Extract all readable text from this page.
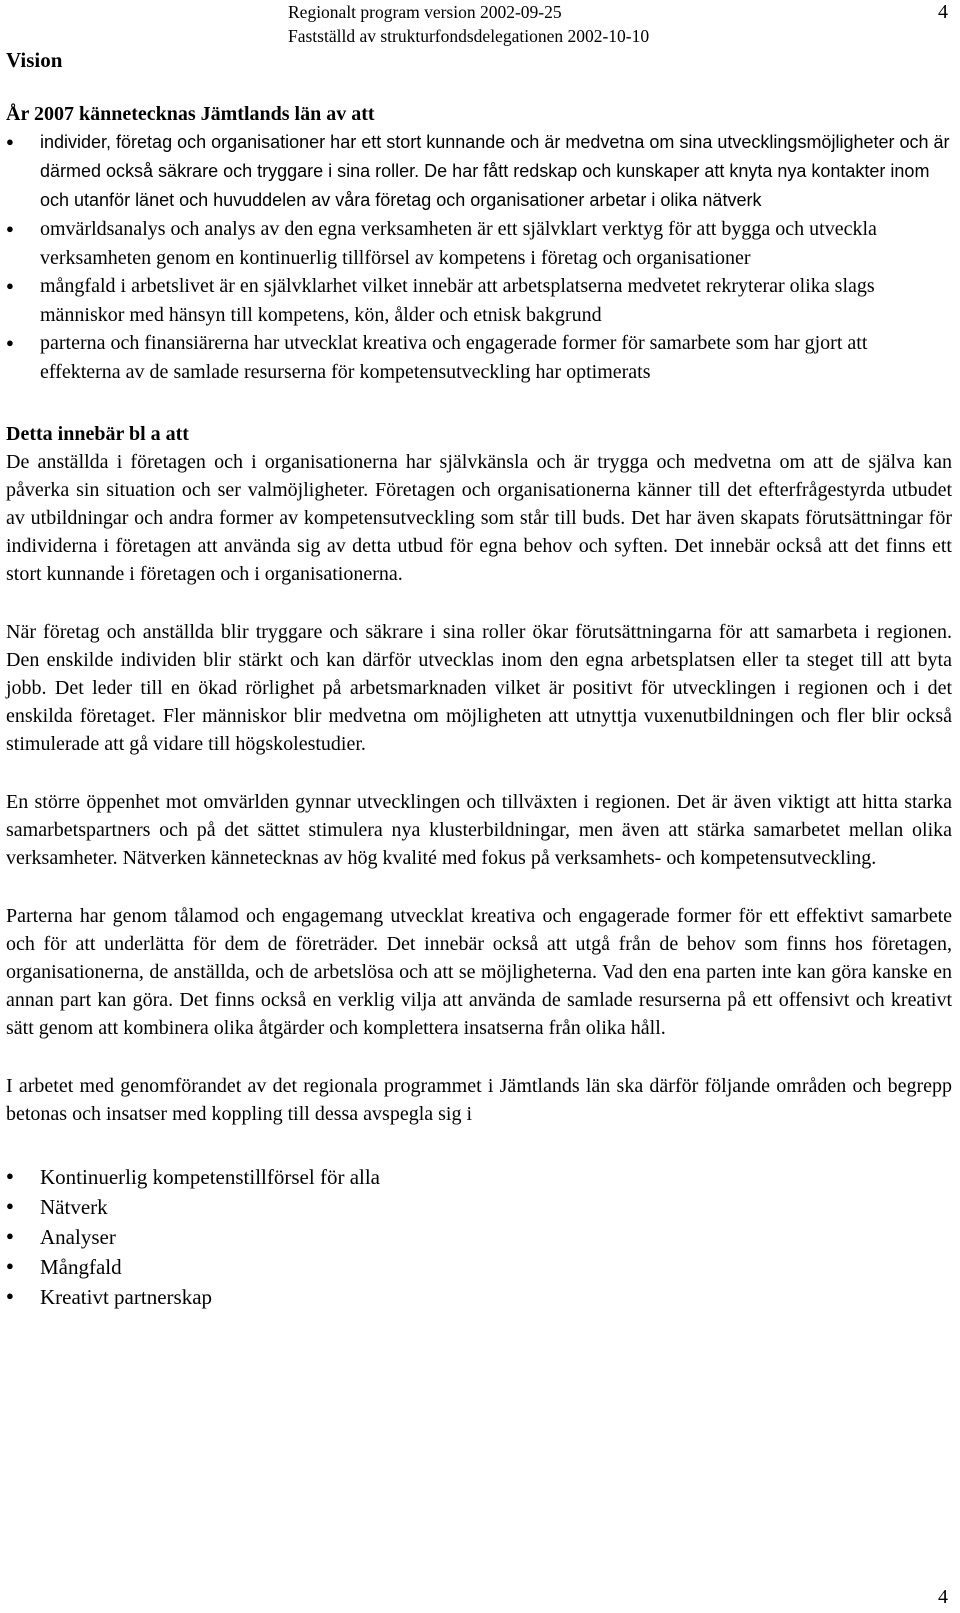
Regionalt program version 2002-09-25
Fastställd av strukturfondsdelegationen 2002-10-10
4
Vision
År 2007 kännetecknas Jämtlands län av att
● individer, företag och organisationer har ett stort kunnande och är medvetna om sina utvecklingsmöjligheter och är därmed också säkrare och tryggare i sina roller. De har fått redskap och kunskaper att knyta nya kontakter inom och utanför länet och huvuddelen av våra företag och organisationer arbetar i olika nätverk
● omvärldsanalys och analys av den egna verksamheten är ett självklart verktyg för att bygga och utveckla verksamheten genom en kontinuerlig tillförsel av kompetens i företag och organisationer
● mångfald i arbetslivet är en självklarhet vilket innebär att arbetsplatserna medvetet rekryterar olika slags människor med hänsyn till kompetens, kön, ålder och etnisk bakgrund
● parterna och finansiärerna har utvecklat kreativa och engagerade former för samarbete som har gjort att effekterna av de samlade resurserna för kompetensutveckling har optimerats
Detta innebär bl a att

De anställda i företagen och i organisationerna har självkänsla och är trygga och medvetna om att de själva kan påverka sin situation och ser valmöjligheter. Företagen och organisationerna känner till det efterfrågestyrda utbudet av utbildningar och andra former av kompetensutveckling som står till buds. Det har även skapats förutsättningar för individerna i företagen att använda sig av detta utbud för egna behov och syften. Det innebär också att det finns ett stort kunnande i företagen och i organisationerna.

När företag och anställda blir tryggare och säkrare i sina roller ökar förutsättningarna för att samarbeta i regionen. Den enskilde individen blir stärkt och kan därför utvecklas inom den egna arbetsplatsen eller ta steget till att byta jobb. Det leder till en ökad rörlighet på arbetsmarknaden vilket är positivt för utvecklingen i regionen och i det enskilda företaget. Fler människor blir medvetna om möjligheten att utnyttja vuxenutbildningen och fler blir också stimulerade att gå vidare till högskolestudier.

En större öppenhet mot omvärlden gynnar utvecklingen och tillväxten i regionen. Det är även viktigt att hitta starka samarbetspartners och på det sättet stimulera nya klusterbildningar, men även att stärka samarbetet mellan olika verksamheter. Nätverken kännetecknas av hög kvalité med fokus på verksamhets- och kompetensutveckling.

Parterna har genom tålamod och engagemang utvecklat kreativa och engagerade former för ett effektivt samarbete och för att underlätta för dem de företräder. Det innebär också att utgå från de behov som finns hos företagen, organisationerna, de anställda, och de arbetslösa och att se möjligheterna. Vad den ena parten inte kan göra kanske en annan part kan göra. Det finns också en verklig vilja att använda de samlade resurserna på ett offensivt och kreativt sätt genom att kombinera olika åtgärder och komplettera insatserna från olika håll.

I arbetet med genomförandet av det regionala programmet i Jämtlands län ska därför följande områden och begrepp betonas och insatser med koppling till dessa avspegla sig i

● Kontinuerlig kompetenstillförsel för alla
● Nätverk
● Analyser
● Mångfald
● Kreativt partnerskap
4
